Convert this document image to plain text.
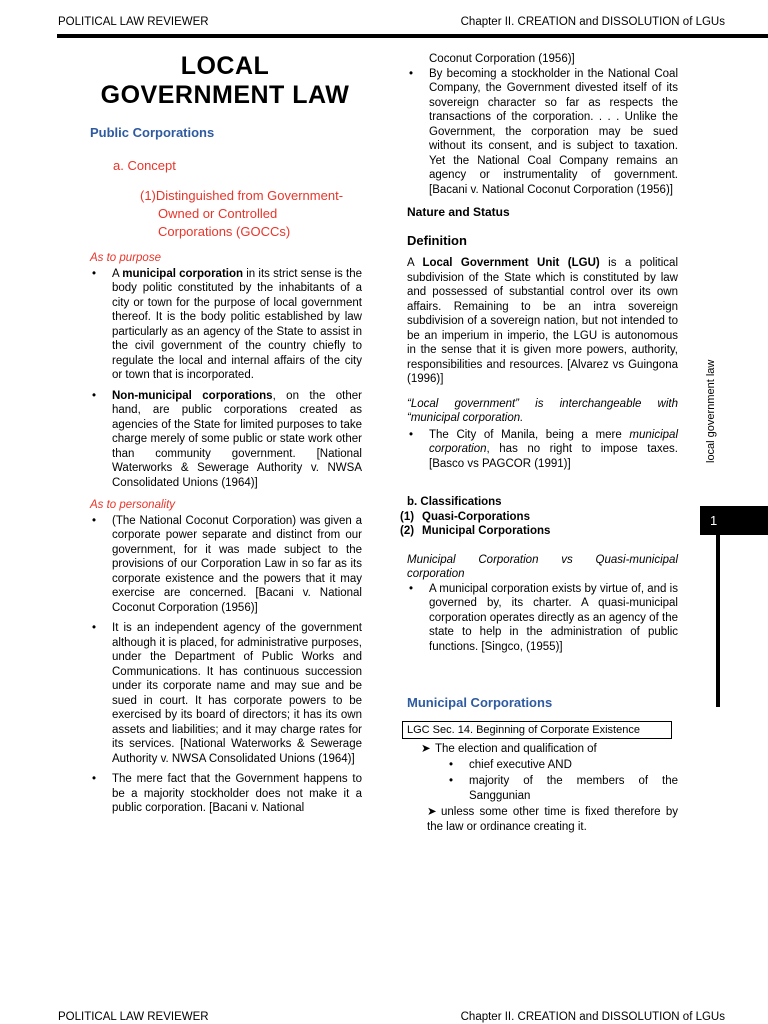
POLITICAL LAW REVIEWER	Chapter II. CREATION and DISSOLUTION of LGUs
LOCAL
GOVERNMENT LAW
Public Corporations
a. Concept
(1)Distinguished from Government-
Owned or Controlled
Corporations (GOCCs)
As to purpose
• A municipal corporation in its strict sense is the body politic constituted by the inhabitants of a city or town for the purpose of local government thereof. It is the body politic established by law particularly as an agency of the State to assist in the civil government of the country chiefly to regulate the local and internal affairs of the city or town that is incorporated.
• Non-municipal corporations, on the other hand, are public corporations created as agencies of the State for limited purposes to take charge merely of some public or state work other than community government. [National Waterworks & Sewerage Authority v. NWSA Consolidated Unions (1964)]
As to personality
• (The National Coconut Corporation) was given a corporate power separate and distinct from our government, for it was made subject to the provisions of our Corporation Law in so far as its corporate existence and the powers that it may exercise are concerned. [Bacani v. National Coconut Corporation (1956)]
• It is an independent agency of the government although it is placed, for administrative purposes, under the Department of Public Works and Communications. It has continuous succession under its corporate name and may sue and be sued in court. It has corporate powers to be exercised by its board of directors; it has its own assets and liabilities; and it may charge rates for its services. [National Waterworks & Sewerage Authority v. NWSA Consolidated Unions (1964)]
• The mere fact that the Government happens to be a majority stockholder does not make it a public corporation. [Bacani v. National
Coconut Corporation (1956)]
• By becoming a stockholder in the National Coal Company, the Government divested itself of its sovereign character so far as respects the transactions of the corporation. . . . Unlike the Government, the corporation may be sued without its consent, and is subject to taxation. Yet the National Coal Company remains an agency or instrumentality of government. [Bacani v. National Coconut Corporation (1956)]
Nature and Status
Definition
A Local Government Unit (LGU) is a political subdivision of the State which is constituted by law and possessed of substantial control over its own affairs. Remaining to be an intra sovereign subdivision of a sovereign nation, but not intended to be an imperium in imperio, the LGU is autonomous in the sense that it is given more powers, authority, responsibilities and resources. [Alvarez vs Guingona (1996)]
“Local government” is interchangeable with “municipal corporation.
• The City of Manila, being a mere municipal corporation, has no right to impose taxes. [Basco vs PAGCOR (1991)]
b. Classifications
(1) Quasi-Corporations
(2) Municipal Corporations
Municipal Corporation vs Quasi-municipal corporation
• A municipal corporation exists by virtue of, and is governed by, its charter. A quasi-municipal corporation operates directly as an agency of the state to help in the administration of public functions. [Singco, (1955)]
Municipal Corporations
LGC Sec. 14. Beginning of Corporate Existence
➤ The election and qualification of
• chief executive AND
• majority of the members of the Sanggunian
➤ unless some other time is fixed therefore by the law or ordinance creating it.
local government law
1
POLITICAL LAW REVIEWER	Chapter II. CREATION and DISSOLUTION of LGUs
